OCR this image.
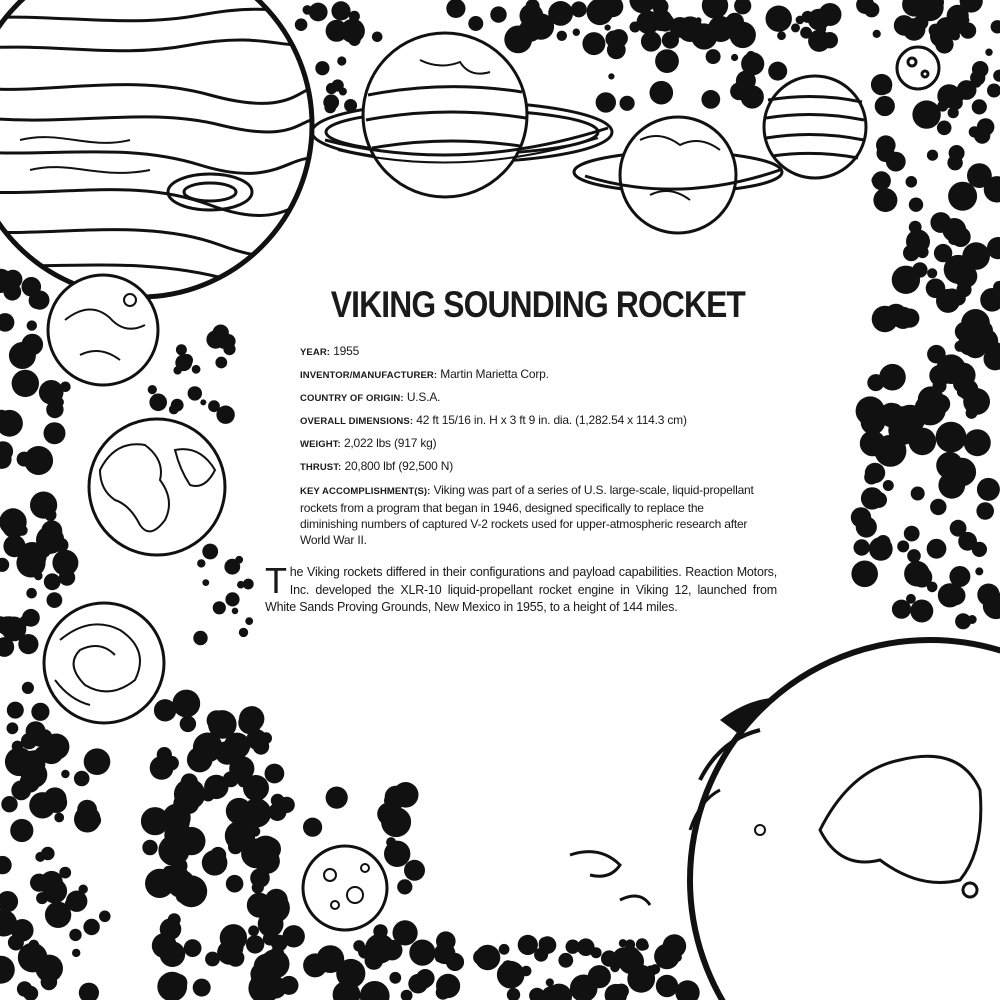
VIKING SOUNDING ROCKET
YEAR: 1955
INVENTOR/MANUFACTURER: Martin Marietta Corp.
COUNTRY OF ORIGIN: U.S.A.
OVERALL DIMENSIONS: 42 ft 15/16 in. H x 3 ft 9 in. dia. (1,282.54 x 114.3 cm)
WEIGHT: 2,022 lbs (917 kg)
THRUST: 20,800 lbf (92,500 N)
KEY ACCOMPLISHMENT(S): Viking was part of a series of U.S. large-scale, liquid-propellant rockets from a program that began in 1946, designed specifically to replace the diminishing numbers of captured V-2 rockets used for upper-atmospheric research after World War II.
The Viking rockets differed in their configurations and payload capabilities. Reaction Motors, Inc. developed the XLR-10 liquid-propellant rocket engine in Viking 12, launched from White Sands Proving Grounds, New Mexico in 1955, to a height of 144 miles.
